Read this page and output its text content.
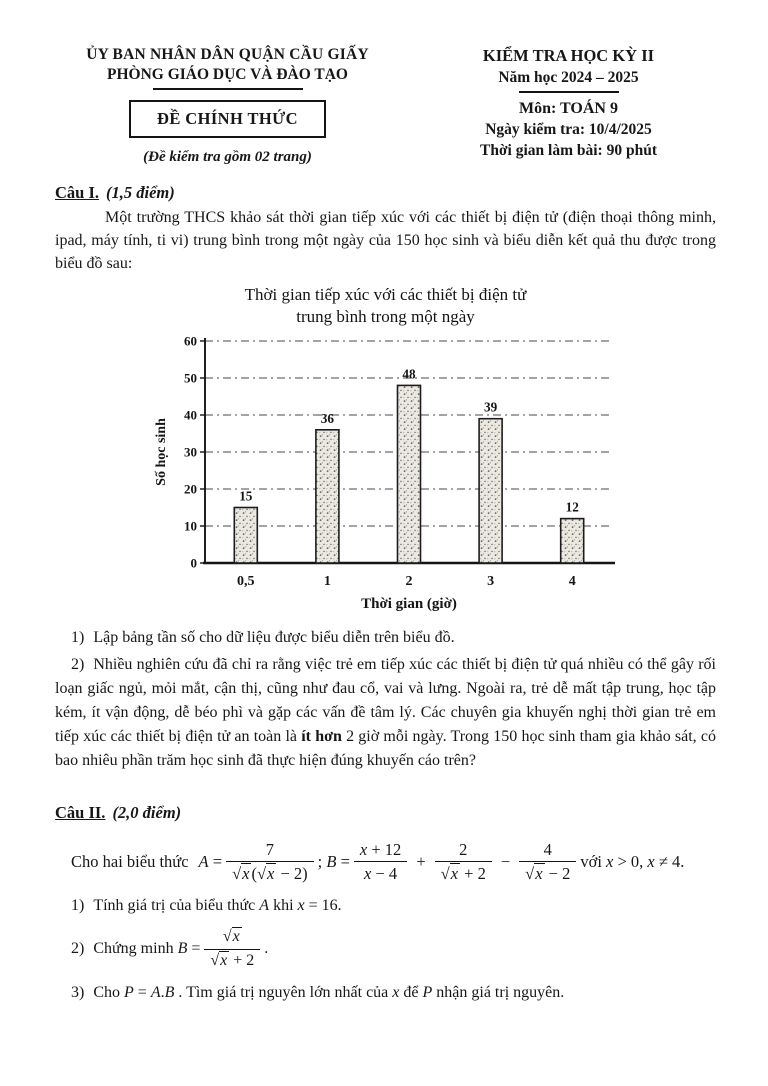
ỦY BAN NHÂN DÂN QUẬN CẦU GIẤY
PHÒNG GIÁO DỤC VÀ ĐÀO TẠO
ĐỀ CHÍNH THỨC
(Đề kiểm tra gồm 02 trang)
KIỂM TRA HỌC KỲ II
Năm học 2024 – 2025
Môn: TOÁN 9
Ngày kiểm tra: 10/4/2025
Thời gian làm bài: 90 phút
Câu I. (1,5 điểm)

Một trường THCS khảo sát thời gian tiếp xúc với các thiết bị điện tử (điện thoại thông minh, ipad, máy tính, ti vi) trung bình trong một ngày của 150 học sinh và biểu diễn kết quả thu được trong biểu đồ sau:

Thời gian tiếp xúc với các thiết bị điện tử
trung bình trong một ngày
0
10
20
30
40
50
60
15
0,5
36
1
48
2
39
3
12
4
Thời gian (giờ)
Số học sinh

1) Lập bảng tần số cho dữ liệu được biểu diễn trên biểu đồ.

2) Nhiều nghiên cứu đã chỉ ra rằng việc trẻ em tiếp xúc các thiết bị điện tử quá nhiều có thể gây rối loạn giấc ngủ, mỏi mắt, cận thị, cũng như đau cổ, vai và lưng. Ngoài ra, trẻ dễ mất tập trung, học tập kém, ít vận động, dễ béo phì và gặp các vấn đề tâm lý. Các chuyên gia khuyến nghị thời gian trẻ em tiếp xúc các thiết bị điện tử an toàn là ít hơn 2 giờ mỗi ngày. Trong 150 học sinh tham gia khảo sát, có bao nhiêu phần trăm học sinh đã thực hiện đúng khuyến cáo trên?

Câu II. (2,0 điểm)
Cho hai biểu thức $A = \frac{7}{√x (√x - 2)}$ ; $B = \frac{x + 12}{x - 4} + \frac{2}{√x + 2} - \frac{4}{√x - 2}$ với x > 0, x ≠ 4.
1) Tính giá trị của biểu thức A khi x = 16.
2) Chứng minh $B = \frac{√x}{√x + 2}$ .
3) Cho P = A.B . Tìm giá trị nguyên lớn nhất của x để P nhận giá trị nguyên.
